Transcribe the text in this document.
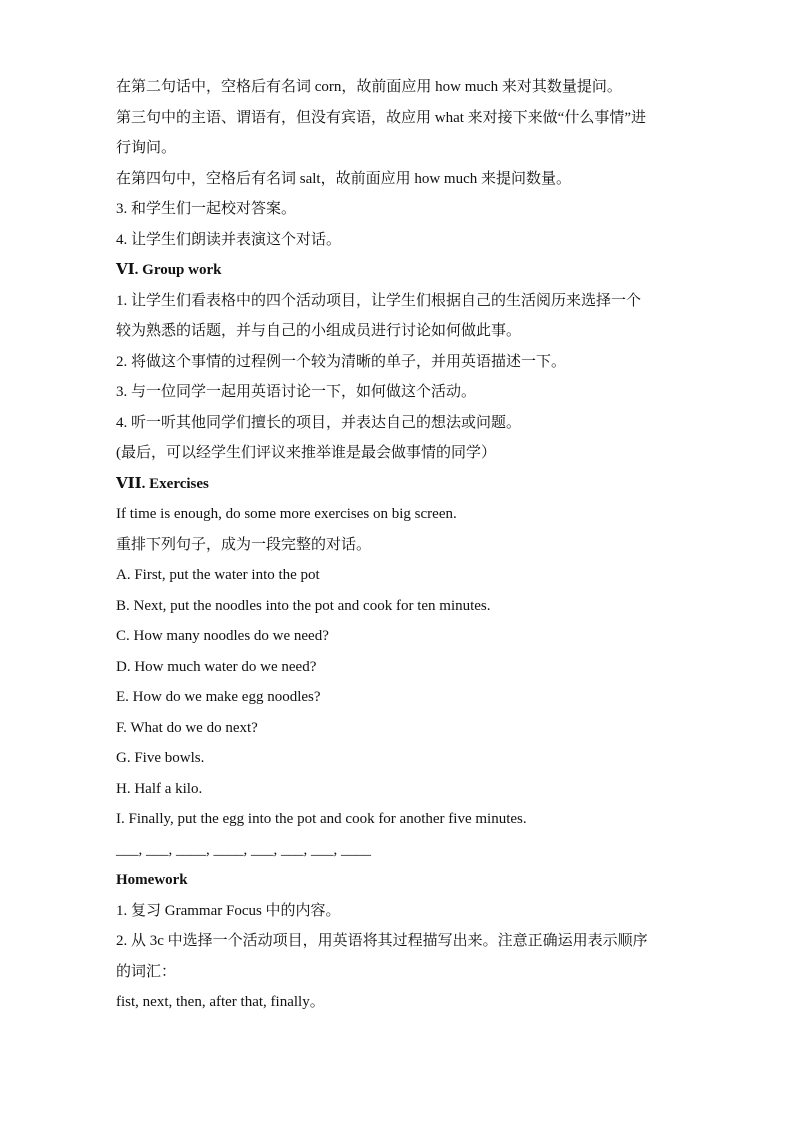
在第二句话中，空格后有名词 corn，故前面应用 how much 来对其数量提问。

第三句中的主语、谓语有，但没有宾语，故应用 what 来对接下来做“什么事情”进

行询问。

在第四句中，空格后有名词 salt，故前面应用 how much 来提问数量。

3. 和学生们一起校对答案。

4. 让学生们朗读并表演这个对话。

ⅤⅠ. Group work

1. 让学生们看表格中的四个活动项目，让学生们根据自己的生活阅历来选择一个

较为熟悉的话题，并与自己的小组成员进行讨论如何做此事。

2. 将做这个事情的过程例一个较为清晰的单子，并用英语描述一下。

3. 与一位同学一起用英语讨论一下，如何做这个活动。

4. 听一听其他同学们擅长的项目，并表达自己的想法或问题。

(最后，可以经学生们评议来推举谁是最会做事情的同学）

ⅤⅠⅠ. Exercises

If time is enough, do some more exercises on big screen.

重排下列句子，成为一段完整的对话。

A. First, put the water into the pot

B. Next, put the noodles into the pot and cook for ten minutes.

C. How many noodles do we need?

D. How much water do we need?

E. How do we make egg noodles?

F. What do we do next?

G. Five bowls.

H. Half a kilo.

I. Finally, put the egg into the pot and cook for another five minutes.

___, ___, ____, ____, ___, ___, ___, ____

Homework

1. 复习 Grammar Focus 中的内容。

2. 从 3c 中选择一个活动项目，用英语将其过程描写出来。注意正确运用表示顺序

的词汇：

fist, next, then, after that, finally。
